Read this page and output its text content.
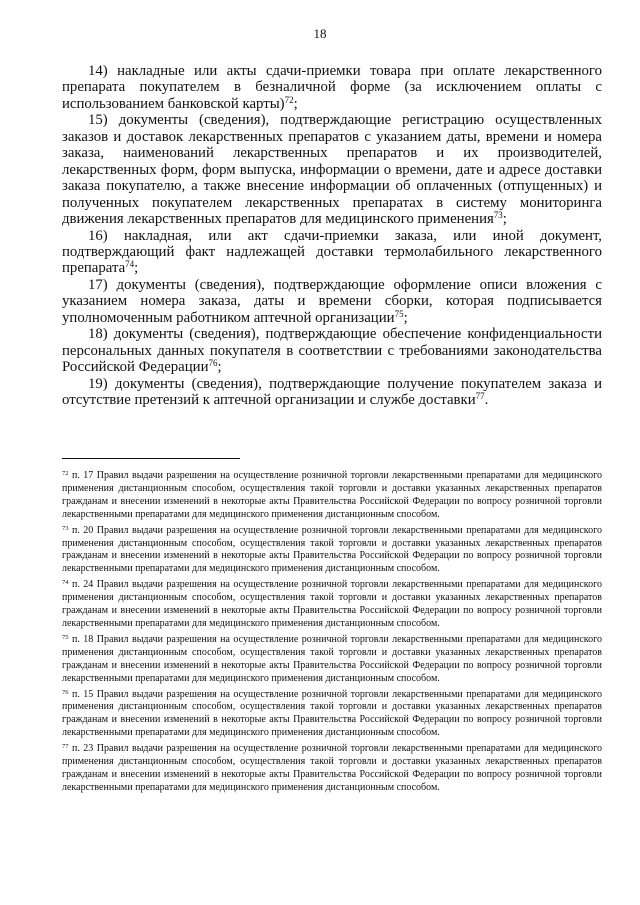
18

14) накладные или акты сдачи-приемки товара при оплате лекарственного препарата покупателем в безналичной форме (за исключением оплаты с использованием банковской карты)$^{72}$;

15) документы (сведения), подтверждающие регистрацию осуществленных заказов и доставок лекарственных препаратов с указанием даты, времени и номера заказа, наименований лекарственных препаратов и их производителей, лекарственных форм, форм выпуска, информации о времени, дате и адресе доставки заказа покупателю, а также внесение информации об оплаченных (отпущенных) и полученных покупателем лекарственных препаратах в систему мониторинга движения лекарственных препаратов для медицинского применения$^{73}$;

16) накладная, или акт сдачи-приемки заказа, или иной документ, подтверждающий факт надлежащей доставки термолабильного лекарственного препарата$^{74}$;

17) документы (сведения), подтверждающие оформление описи вложения с указанием номера заказа, даты и времени сборки, которая подписывается уполномоченным работником аптечной организации$^{75}$;

18) документы (сведения), подтверждающие обеспечение конфиденциальности персональных данных покупателя в соответствии с требованиями законодательства Российской Федерации$^{76}$;

19) документы (сведения), подтверждающие получение покупателем заказа и отсутствие претензий к аптечной организации и службе доставки$^{77}$.

$^{72}$ п. 17 Правил выдачи разрешения на осуществление розничной торговли лекарственными препаратами для медицинского применения дистанционным способом, осуществления такой торговли и доставки указанных лекарственных препаратов гражданам и внесении изменений в некоторые акты Правительства Российской Федерации по вопросу розничной торговли лекарственными препаратами для медицинского применения дистанционным способом.

$^{73}$ п. 20 Правил выдачи разрешения на осуществление розничной торговли лекарственными препаратами для медицинского применения дистанционным способом, осуществления такой торговли и доставки указанных лекарственных препаратов гражданам и внесении изменений в некоторые акты Правительства Российской Федерации по вопросу розничной торговли лекарственными препаратами для медицинского применения дистанционным способом.

$^{74}$ п. 24 Правил выдачи разрешения на осуществление розничной торговли лекарственными препаратами для медицинского применения дистанционным способом, осуществления такой торговли и доставки указанных лекарственных препаратов гражданам и внесении изменений в некоторые акты Правительства Российской Федерации по вопросу розничной торговли лекарственными препаратами для медицинского применения дистанционным способом.

$^{75}$ п. 18 Правил выдачи разрешения на осуществление розничной торговли лекарственными препаратами для медицинского применения дистанционным способом, осуществления такой торговли и доставки указанных лекарственных препаратов гражданам и внесении изменений в некоторые акты Правительства Российской Федерации по вопросу розничной торговли лекарственными препаратами для медицинского применения дистанционным способом.

$^{76}$ п. 15 Правил выдачи разрешения на осуществление розничной торговли лекарственными препаратами для медицинского применения дистанционным способом, осуществления такой торговли и доставки указанных лекарственных препаратов гражданам и внесении изменений в некоторые акты Правительства Российской Федерации по вопросу розничной торговли лекарственными препаратами для медицинского применения дистанционным способом.

$^{77}$ п. 23 Правил выдачи разрешения на осуществление розничной торговли лекарственными препаратами для медицинского применения дистанционным способом, осуществления такой торговли и доставки указанных лекарственных препаратов гражданам и внесении изменений в некоторые акты Правительства Российской Федерации по вопросу розничной торговли лекарственными препаратами для медицинского применения дистанционным способом.
